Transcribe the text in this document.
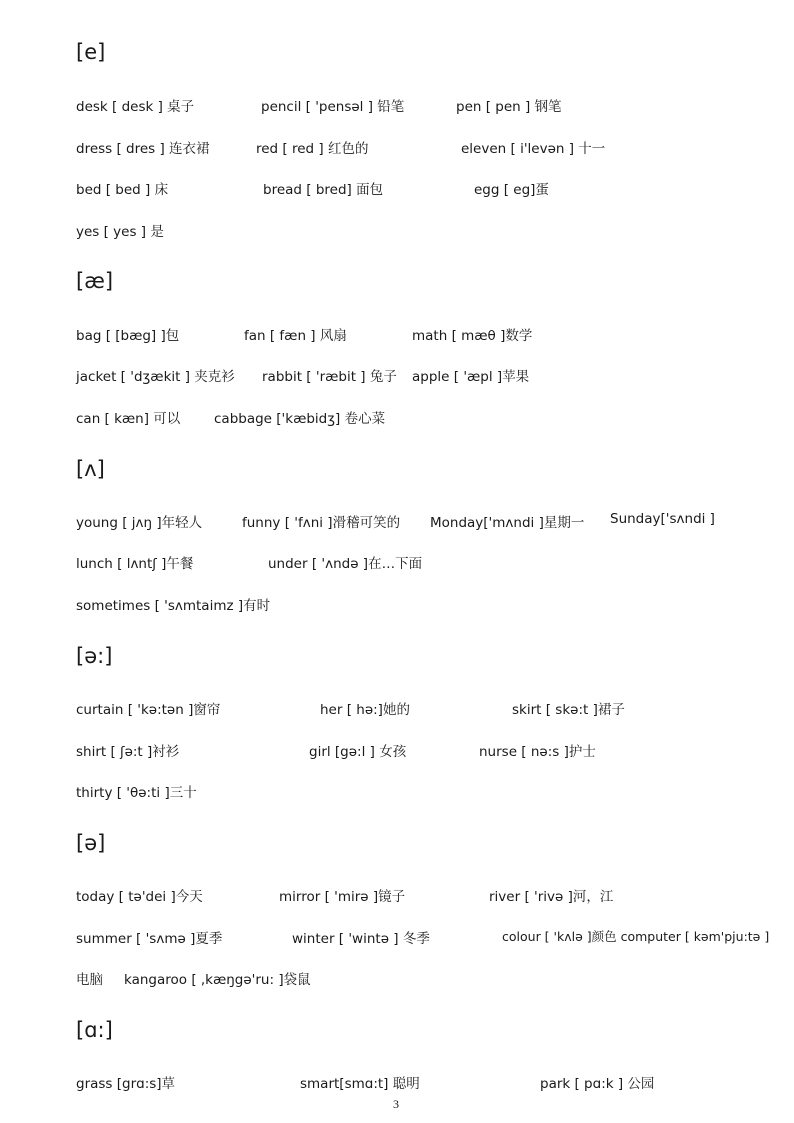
[e]
desk [ desk ] 桌子	pencil [ 'pensəl ] 铅笔	pen [ pen ] 钢笔
dress [ dres ] 连衣裙	red [ red ] 红色的	eleven [ i'levən ] 十一
bed [ bed ] 床	bread [ bred] 面包	egg [ eg]蛋
yes [ yes ] 是
[æ]
bag [ [bæg] ]包	fan [ fæn ] 风扇	math [ mæθ ]数学
jacket [ 'dʒækit ] 夹克衫 rabbit [ 'ræbit ] 兔子 apple [ 'æpl ]苹果
can [ kæn] 可以 cabbage ['kæbidʒ] 卷心菜
[ʌ]
young [ jʌŋ ]年轻人	funny [ 'fʌni ]滑稽可笑的 Monday['mʌndi ]星期一 Sunday['sʌndi ]
lunch [ lʌntʃ ]午餐	under [ 'ʌndə ]在…下面
sometimes [ 'sʌmtaimz ]有时
[ə:]
curtain [ 'kə:tən ]窗帘	her [ hə:]她的	skirt [ skə:t ]裙子
shirt [ ʃə:t ]衬衫	girl [gə:l ] 女孩	nurse [ nə:s ]护士
thirty [ 'θə:ti ]三十
[ə]
today [ tə'dei ]今天	mirror [ 'mirə ]镜子	river [ 'rivə ]河，江
summer [ 'sʌmə ]夏季	winter [ 'wintə ] 冬季	colour [ 'kʌlə ]颜色 computer [ kəm'pju:tə ]
电脑 kangaroo [ ,kæŋgə'ru: ]袋鼠
[ɑ:]
grass [grɑ:s]草	smart[smɑ:t] 聪明	park [ pɑ:k ] 公园
3
